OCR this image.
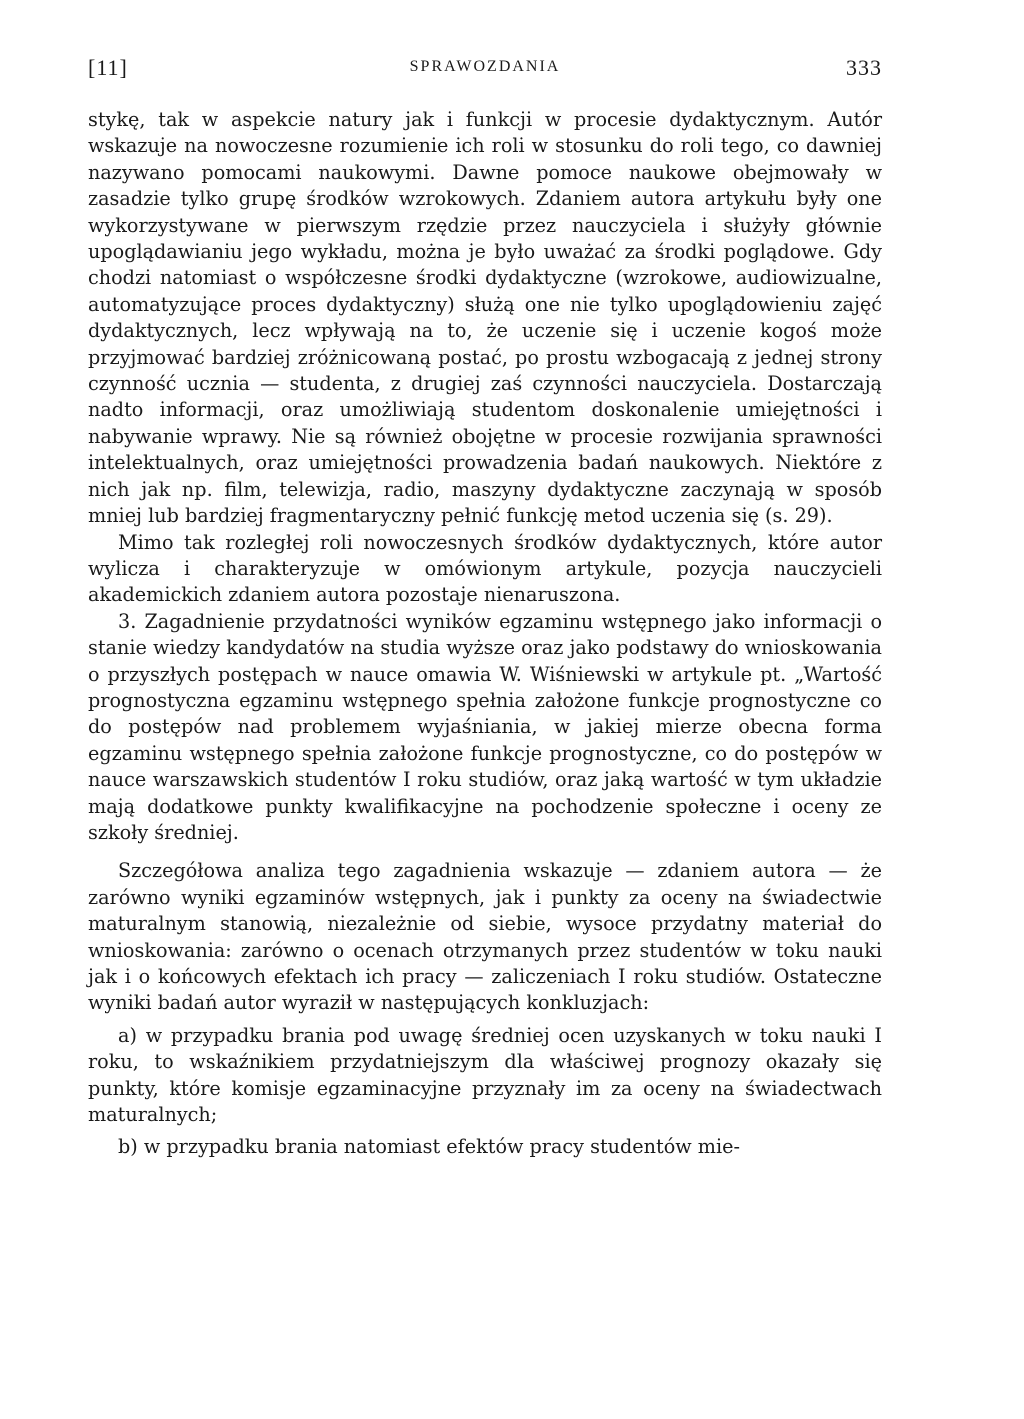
[11]	SPRAWOZDANIA	333

stykę, tak w aspekcie natury jak i funkcji w procesie dydaktycznym. Autór wskazuje na nowoczesne rozumienie ich roli w stosunku do roli tego, co dawniej nazywano pomocami naukowymi. Dawne pomoce naukowe obejmowały w zasadzie tylko grupę środków wzrokowych. Zdaniem autora artykułu były one wykorzystywane w pierwszym rzędzie przez nauczyciela i służyły głównie upoglądawianiu jego wykładu, można je było uważać za środki poglądowe. Gdy chodzi natomiast o współczesne środki dydaktyczne (wzrokowe, audiowizualne, automatyzujące proces dydaktyczny) służą one nie tylko upoglądowieniu zajęć dydaktycznych, lecz wpływają na to, że uczenie się i uczenie kogoś może przyjmować bardziej zróżnicowaną postać, po prostu wzbogacają z jednej strony czynność ucznia — studenta, z drugiej zaś czynności nauczyciela. Dostarczają nadto informacji, oraz umożliwiają studentom doskonalenie umiejętności i nabywanie wprawy. Nie są również obojętne w procesie rozwijania sprawności intelektualnych, oraz umiejętności prowadzenia badań naukowych. Niektóre z nich jak np. film, telewizja, radio, maszyny dydaktyczne zaczynają w sposób mniej lub bardziej fragmentaryczny pełnić funkcję metod uczenia się (s. 29).

Mimo tak rozległej roli nowoczesnych środków dydaktycznych, które autor wylicza i charakteryzuje w omówionym artykule, pozycja nauczycieli akademickich zdaniem autora pozostaje nienaruszona.

3. Zagadnienie przydatności wyników egzaminu wstępnego jako informacji o stanie wiedzy kandydatów na studia wyższe oraz jako podstawy do wnioskowania o przyszłych postępach w nauce omawia W. Wiśniewski w artykule pt. „Wartość prognostyczna egzaminu wstępnego spełnia założone funkcje prognostyczne co do postępów nad problemem wyjaśniania, w jakiej mierze obecna forma egzaminu wstępnego spełnia założone funkcje prognostyczne, co do postępów w nauce warszawskich studentów I roku studiów, oraz jaką wartość w tym układzie mają dodatkowe punkty kwalifikacyjne na pochodzenie społeczne i oceny ze szkoły średniej.

Szczegółowa analiza tego zagadnienia wskazuje — zdaniem autora — że zarówno wyniki egzaminów wstępnych, jak i punkty za oceny na świadectwie maturalnym stanowią, niezależnie od siebie, wysoce przydatny materiał do wnioskowania: zarówno o ocenach otrzymanych przez studentów w toku nauki jak i o końcowych efektach ich pracy — zaliczeniach I roku studiów. Ostateczne wyniki badań autor wyraził w następujących konkluzjach:

a) w przypadku brania pod uwagę średniej ocen uzyskanych w toku nauki I roku, to wskaźnikiem przydatniejszym dla właściwej prognozy okazały się punkty, które komisje egzaminacyjne przyznały im za oceny na świadectwach maturalnych;

b) w przypadku brania natomiast efektów pracy studentów mie-
